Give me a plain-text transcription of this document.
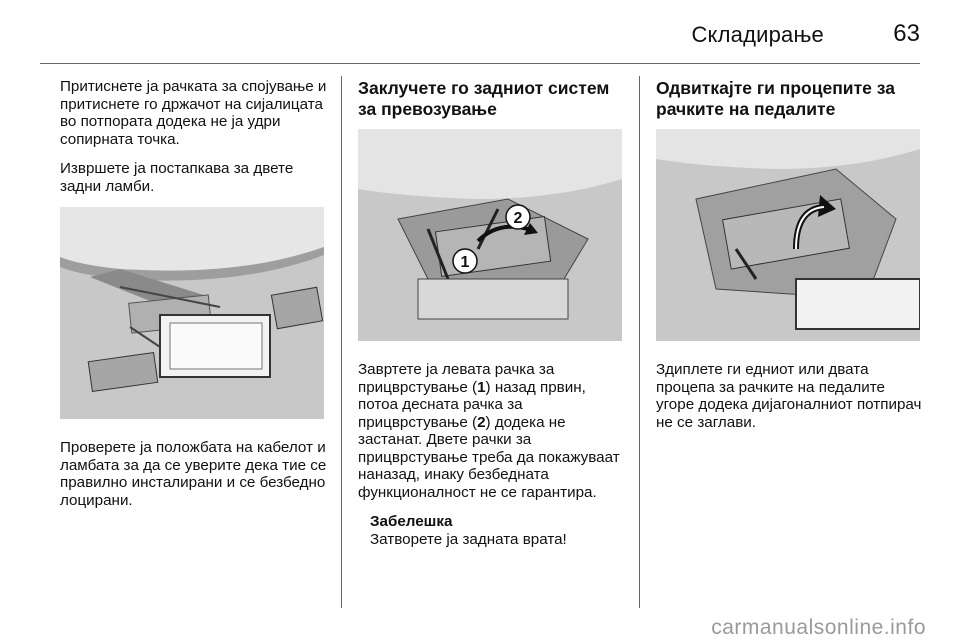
Складирање	63

Притиснете ја рачката за спојување и притиснете го држачот на сијалицата во потпората додека не ја удри сопирната точка.

Извршете ја постапкава за двете задни ламби.

Проверете ја положбата на кабелот и ламбата за да се уверите дека тие се правилно инсталирани и се безбедно лоцирани.

Заклучете го задниот систем за превозување
1
2

Завртете ја левата рачка за прицврстување (1) назад првин, потоа десната рачка за прицврстување (2) додека не застанат. Двете рачки за прицврстување треба да покажуваат наназад, инаку безбедната функционалност не се гарантира.

Забелешка
Затворете ја задната врата!
Одвиткајте ги процепите за рачките на педалите

Здиплете ги едниот или двата процепа за рачките на педалите угоре додека дијагоналниот потпирач не се заглави.

carmanualsonline.info
